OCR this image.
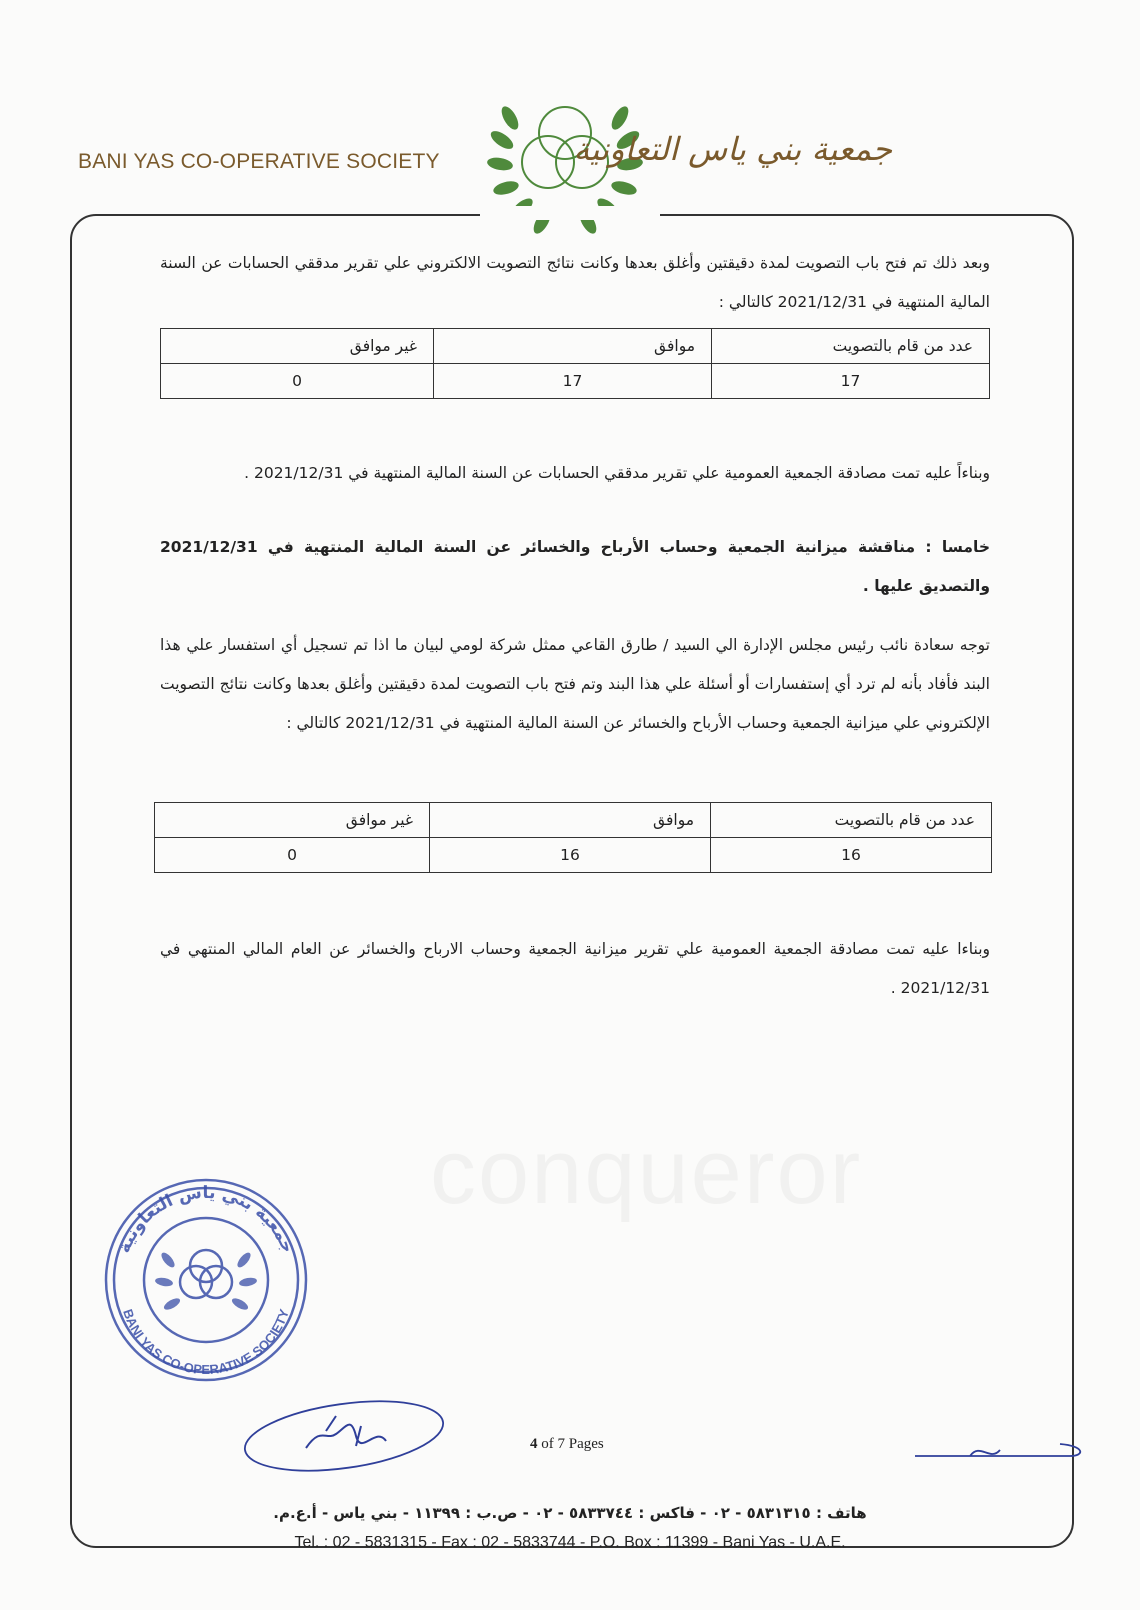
BANI YAS CO-OPERATIVE SOCIETY	جمعية بني ياس التعاونية
وبعد ذلك تم فتح باب التصويت لمدة دقيقتين وأغلق بعدها وكانت نتائج التصويت الالكتروني علي تقرير مدققي الحسابات عن السنة المالية المنتهية في 2021/12/31 كالتالي :
عدد من قام بالتصويت	موافق	غير موافق
17	17	0
وبناءاً عليه تمت مصادقة الجمعية العمومية علي تقرير مدققي الحسابات عن السنة المالية المنتهية في 2021/12/31 .
خامسا : مناقشة ميزانية الجمعية وحساب الأرباح والخسائر عن السنة المالية المنتهية في 2021/12/31 والتصديق عليها .
توجه سعادة نائب رئيس مجلس الإدارة الي السيد / طارق القاعي ممثل شركة لومي لبيان ما اذا تم تسجيل أي استفسار علي هذا البند فأفاد بأنه لم ترد أي إستفسارات أو أسئلة علي هذا البند وتم فتح باب التصويت لمدة دقيقتين وأغلق بعدها وكانت نتائج التصويت الإلكتروني علي ميزانية الجمعية وحساب الأرباح والخسائر عن السنة المالية المنتهية في 2021/12/31 كالتالي :
عدد من قام بالتصويت	موافق	غير موافق
16	16	0
وبناءا عليه تمت مصادقة الجمعية العمومية علي تقرير ميزانية الجمعية وحساب الارباح والخسائر عن العام المالي المنتهي في 2021/12/31 .
جمعية بني ياس التعاونية
BANI YAS CO-OPERATIVE SOCIETY
4 of 7 Pages
هاتف : ٥٨٣١٣١٥ - ٠٢ - فاكس : ٥٨٣٣٧٤٤ - ٠٢ - ص.ب : ١١٣٩٩ - بني ياس - أ.ع.م.
Tel. : 02 - 5831315 - Fax : 02 - 5833744 - P.O. Box : 11399 - Bani Yas - U.A.E.
